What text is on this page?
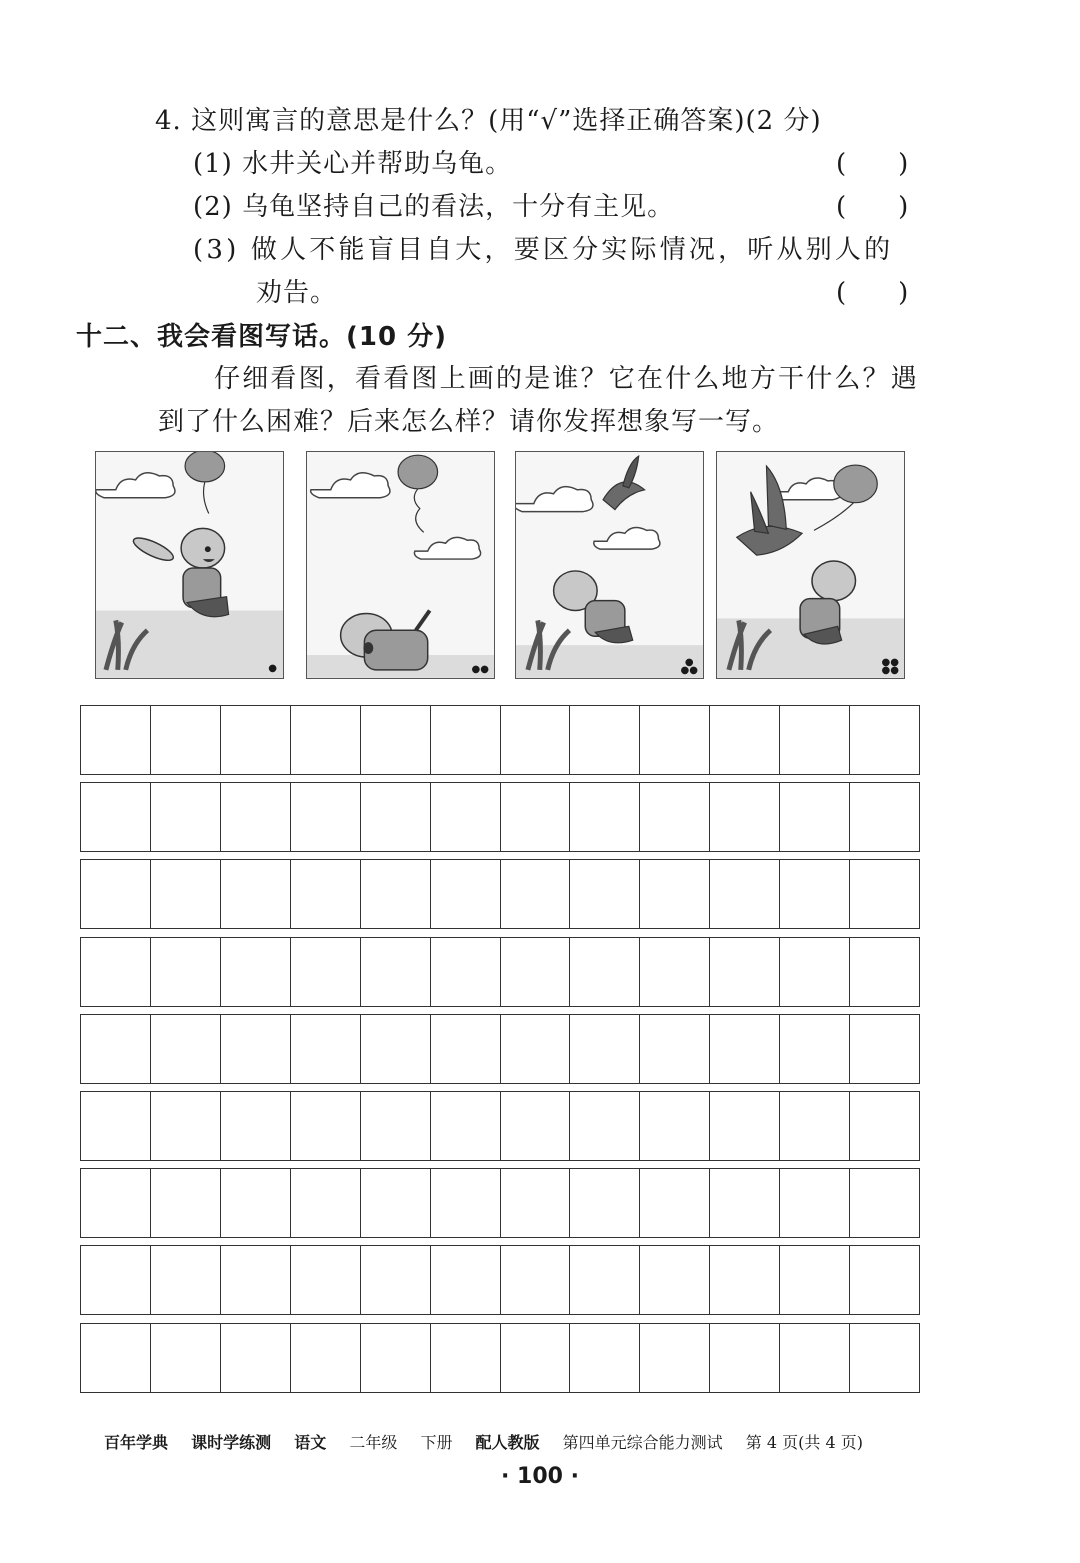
4. 这则寓言的意思是什么？(用“√”选择正确答案)(2 分)
(1) 水井关心并帮助乌龟。	(　　)
(2) 乌龟坚持自己的看法，十分有主见。	(　　)
(3) 做人不能盲目自大，要区分实际情况，听从别人的
劝告。	(　　)
十二、我会看图写话。(10 分)
仔细看图，看看图上画的是谁？它在什么地方干什么？遇
到了什么困难？后来怎么样？请你发挥想象写一写。
●	●●
●
●●
●●
●●
百年学典 课时学练测 语文 二年级 下册 配人教版 第四单元综合能力测试 第 4 页(共 4 页)
· 100 ·
